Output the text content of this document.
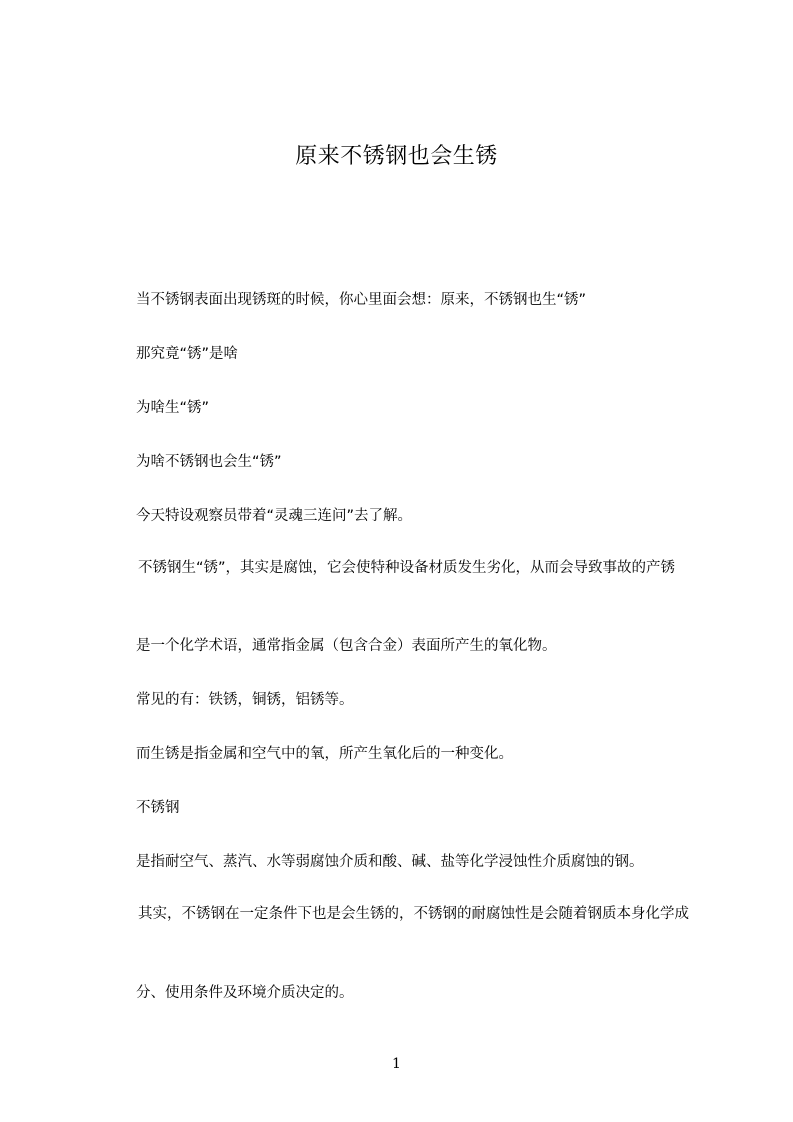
原来不锈钢也会生锈

当不锈钢表面出现锈斑的时候，你心里面会想：原来，不锈钢也生“锈”

那究竟“锈”是啥

为啥生“锈”

为啥不锈钢也会生“锈”

今天特设观察员带着“灵魂三连问”去了解。

不锈钢生“锈”，其实是腐蚀，它会使特种设备材质发生劣化，从而会导致事故的产锈

是一个化学术语，通常指金属（包含合金）表面所产生的氧化物。

常见的有：铁锈，铜锈，铝锈等。

而生锈是指金属和空气中的氧，所产生氧化后的一种变化。

不锈钢

是指耐空气、蒸汽、水等弱腐蚀介质和酸、碱、盐等化学浸蚀性介质腐蚀的钢。

其实，不锈钢在一定条件下也是会生锈的，不锈钢的耐腐蚀性是会随着钢质本身化学成

分、使用条件及环境介质决定的。

1
